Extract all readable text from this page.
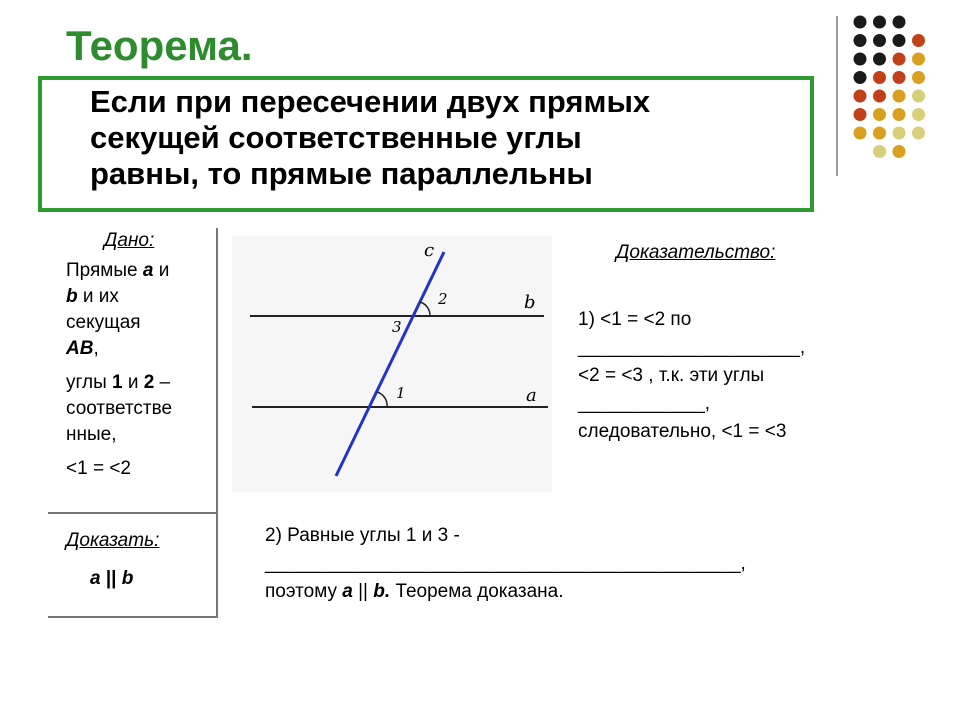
Теорема.
Если при пересечении двух прямых
секущей соответственные углы
равны, то прямые параллельны
Дано:

Прямые а и
b и их
секущая
АВ,

углы 1 и 2 –
соответстве
нные,

<1 = <2

Доказать:
а || b
c
b
a
2
3
1
Доказательство:
1) <1 = <2 по
_____________________,
<2 = <3 , т.к. эти углы
____________,
следовательно, <1 = <3
2) Равные углы 1 и 3 -
_____________________________________________,
поэтому а || b. Теорема доказана.
